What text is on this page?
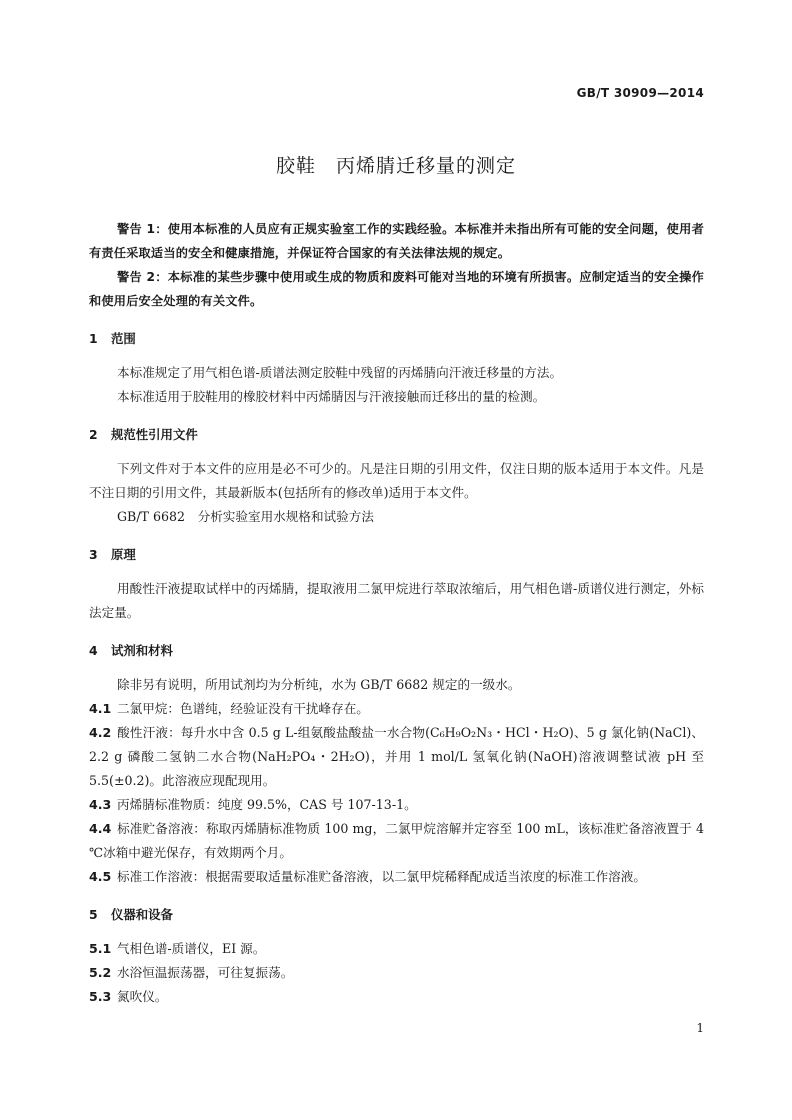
GB/T 30909—2014
胶鞋　丙烯腈迁移量的测定

警告 1：使用本标准的人员应有正规实验室工作的实践经验。本标准并未指出所有可能的安全问题，使用者有责任采取适当的安全和健康措施，并保证符合国家的有关法律法规的规定。

警告 2：本标准的某些步骤中使用或生成的物质和废料可能对当地的环境有所损害。应制定适当的安全操作和使用后安全处理的有关文件。

1 范围

本标准规定了用气相色谱-质谱法测定胶鞋中残留的丙烯腈向汗液迁移量的方法。

本标准适用于胶鞋用的橡胶材料中丙烯腈因与汗液接触而迁移出的量的检测。

2 规范性引用文件

下列文件对于本文件的应用是必不可少的。凡是注日期的引用文件，仅注日期的版本适用于本文件。凡是不注日期的引用文件，其最新版本(包括所有的修改单)适用于本文件。

GB/T 6682　分析实验室用水规格和试验方法

3 原理

用酸性汗液提取试样中的丙烯腈，提取液用二氯甲烷进行萃取浓缩后，用气相色谱-质谱仪进行测定，外标法定量。

4 试剂和材料

除非另有说明，所用试剂均为分析纯，水为 GB/T 6682 规定的一级水。

4.1 二氯甲烷：色谱纯，经验证没有干扰峰存在。

4.2 酸性汗液：每升水中含 0.5 g L-组氨酸盐酸盐一水合物(C₆H₉O₂N₃・HCl・H₂O)、5 g 氯化钠(NaCl)、2.2 g 磷酸二氢钠二水合物(NaH₂PO₄・2H₂O)，并用 1 mol/L 氢氧化钠(NaOH)溶液调整试液 pH 至 5.5(±0.2)。此溶液应现配现用。

4.3 丙烯腈标准物质：纯度 99.5%，CAS 号 107-13-1。

4.4 标准贮备溶液：称取丙烯腈标准物质 100 mg，二氯甲烷溶解并定容至 100 mL，该标准贮备溶液置于 4 ℃冰箱中避光保存，有效期两个月。

4.5 标准工作溶液：根据需要取适量标准贮备溶液，以二氯甲烷稀释配成适当浓度的标准工作溶液。

5 仪器和设备

5.1 气相色谱-质谱仪，EI 源。

5.2 水浴恒温振荡器，可往复振荡。

5.3 氮吹仪。

1
